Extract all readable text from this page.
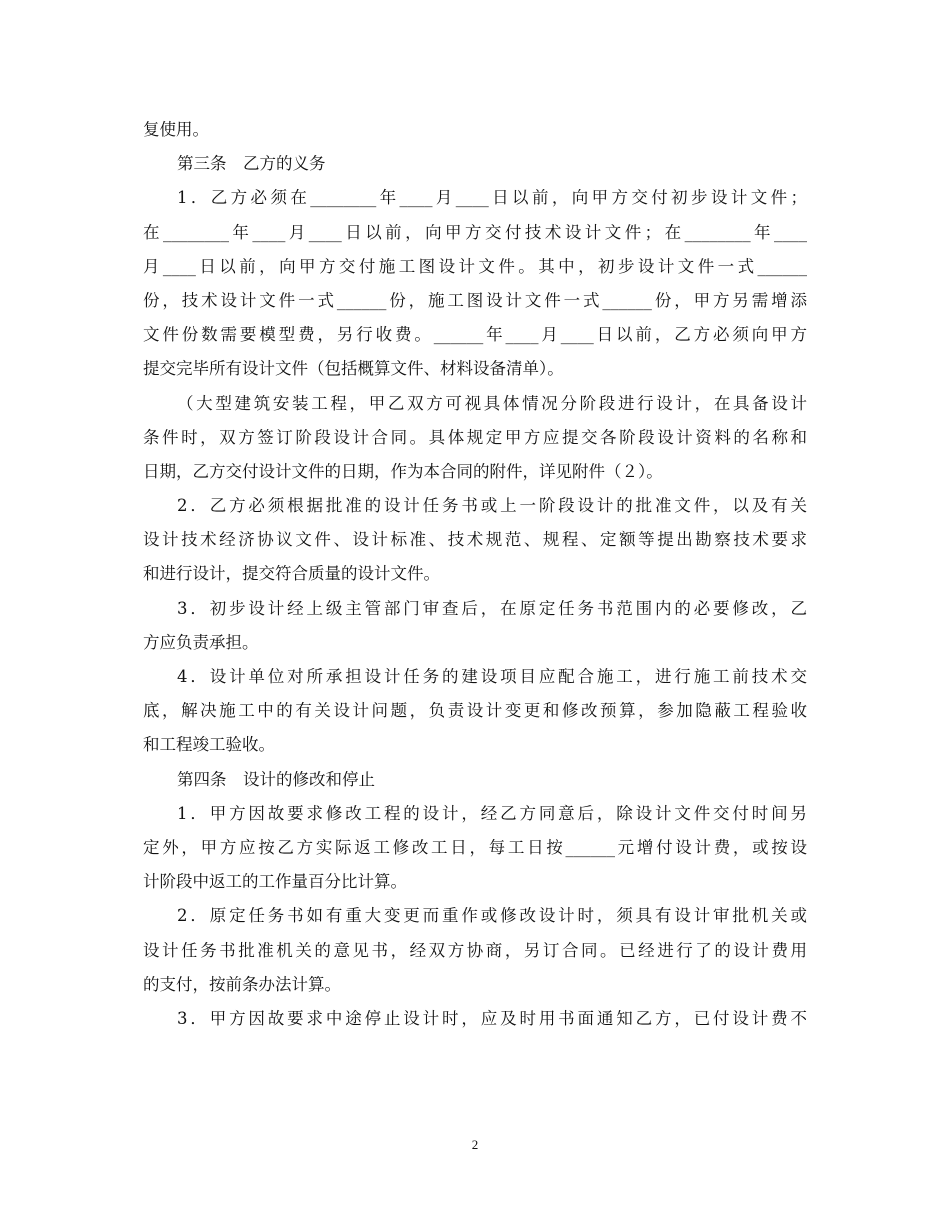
复使用。
第三条　乙方的义务
1．乙方必须在________年____月____日以前，向甲方交付初步设计文件；
在________年____月____日以前，向甲方交付技术设计文件；在________年____
月____日以前，向甲方交付施工图设计文件。其中，初步设计文件一式______
份，技术设计文件一式______份，施工图设计文件一式______份，甲方另需增添
文件份数需要模型费，另行收费。______年____月____日以前，乙方必须向甲方
提交完毕所有设计文件（包括概算文件、材料设备清单）。
（大型建筑安装工程，甲乙双方可视具体情况分阶段进行设计，在具备设计
条件时，双方签订阶段设计合同。具体规定甲方应提交各阶段设计资料的名称和
日期，乙方交付设计文件的日期，作为本合同的附件，详见附件（２）。
2．乙方必须根据批准的设计任务书或上一阶段设计的批准文件，以及有关
设计技术经济协议文件、设计标准、技术规范、规程、定额等提出勘察技术要求
和进行设计，提交符合质量的设计文件。
3．初步设计经上级主管部门审查后，在原定任务书范围内的必要修改，乙
方应负责承担。
4．设计单位对所承担设计任务的建设项目应配合施工，进行施工前技术交
底，解决施工中的有关设计问题，负责设计变更和修改预算，参加隐蔽工程验收
和工程竣工验收。
第四条　设计的修改和停止
1．甲方因故要求修改工程的设计，经乙方同意后，除设计文件交付时间另
定外，甲方应按乙方实际返工修改工日，每工日按______元增付设计费，或按设
计阶段中返工的工作量百分比计算。
2．原定任务书如有重大变更而重作或修改设计时，须具有设计审批机关或
设计任务书批准机关的意见书，经双方协商，另订合同。已经进行了的设计费用
的支付，按前条办法计算。
3．甲方因故要求中途停止设计时，应及时用书面通知乙方，已付设计费不
2
